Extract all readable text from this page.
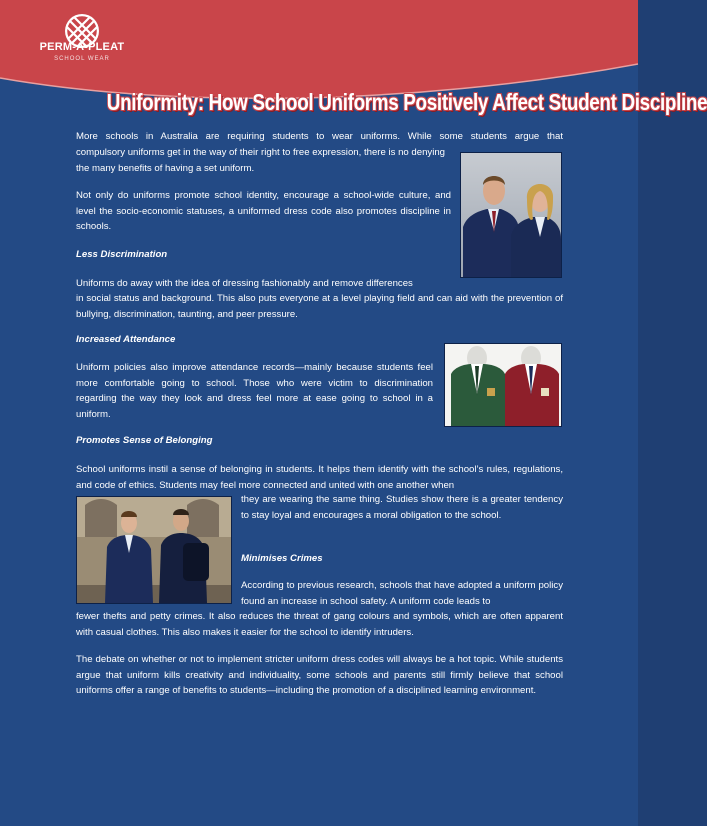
PERM-A-PLEAT
SCHOOL WEAR
Uniformity: How School Uniforms Positively Affect Student Discipline
More schools in Australia are requiring students to wear uniforms. While some students argue that
compulsory uniforms get in the way of their right to free expression, there is no denying the many benefits of having a set uniform.
Not only do uniforms promote school identity, encourage a school-wide culture, and level the socio-economic statuses, a uniformed dress code also promotes discipline in schools.
Less Discrimination
Uniforms do away with the idea of dressing fashionably and remove differences
in social status and background. This also puts everyone at a level playing field and can aid with the prevention of bullying, discrimination, taunting, and peer pressure.
Increased Attendance
Uniform policies also improve attendance records—mainly because students feel more comfortable going to school. Those who were victim to discrimination regarding the way they look and dress feel more at ease going to school in a uniform.
Promotes Sense of Belonging
School uniforms instil a sense of belonging in students. It helps them identify with the school’s rules, regulations, and code of ethics. Students may feel more connected and united with one another when
they are wearing the same thing. Studies show there is a greater tendency to stay loyal and encourages a moral obligation to the school.
Minimises Crimes
According to previous research, schools that have adopted a uniform policy found an increase in school safety. A uniform code leads to
fewer thefts and petty crimes. It also reduces the threat of gang colours and symbols, which are often apparent with casual clothes. This also makes it easier for the school to identify intruders.
The debate on whether or not to implement stricter uniform dress codes will always be a hot topic. While students argue that uniform kills creativity and individuality, some schools and parents still firmly believe that school uniforms offer a range of benefits to students—including the promotion of a disciplined learning environment.
